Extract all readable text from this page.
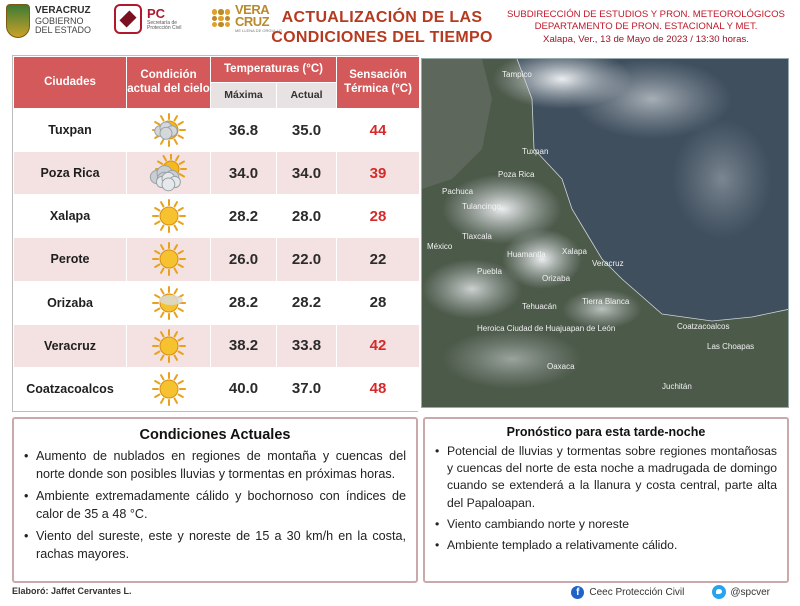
VERACRUZ
GOBIERNO
DEL ESTADO
PC
Secretaría de
Protección Civil
VERA
CRUZ
ME LLENA DE ORGULLO
ACTUALIZACIÓN DE LAS
CONDICIONES DEL TIEMPO
SUBDIRECCIÓN DE ESTUDIOS Y PRON. METEOROLÓGICOS
DEPARTAMENTO DE PRON. ESTACIONAL Y MET.
Xalapa, Ver., 13 de Mayo de 2023 / 13:30 horas.
Ciudades	Condición actual del cielo	Temperaturas (°C)		Sensación Térmica (°C)
		Máxima	Actual	
Tuxpan		36.8	35.0	44
Poza Rica		34.0	34.0	39
Xalapa		28.2	28.0	28
Perote		26.0	22.0	22
Orizaba		28.2	28.2	28
Veracruz		38.2	33.8	42
Coatzacoalcos		40.0	37.0	48
Tampico
Tuxpan
Poza Rica
Pachuca
Tulancingo
México
Tlaxcala
Xalapa
Huamantla
Puebla
Veracruz
Orizaba
Tehuacán
Tierra Blanca
Heroica Ciudad de Huajuapan de León	Coatzacoalcos
Las Choapas
Oaxaca
Juchitán
Condiciones Actuales
• Aumento de nublados en regiones de montaña y cuencas del norte donde son posibles lluvias y tormentas en próximas horas.
• Ambiente extremadamente cálido y bochornoso con índices de calor de 35 a 48 °C.
• Viento del sureste, este y noreste de 15 a 30 km/h en la costa, rachas mayores.
Pronóstico para esta tarde-noche
• Potencial de lluvias y tormentas sobre regiones montañosas y cuencas del norte de esta noche a madrugada de domingo cuando se extenderá a la llanura y costa central, parte alta del Papaloapan.
• Viento cambiando norte y noreste
• Ambiente templado a relativamente cálido.
Elaboró: Jaffet Cervantes L.	f Ceec Protección Civil	@spcver
